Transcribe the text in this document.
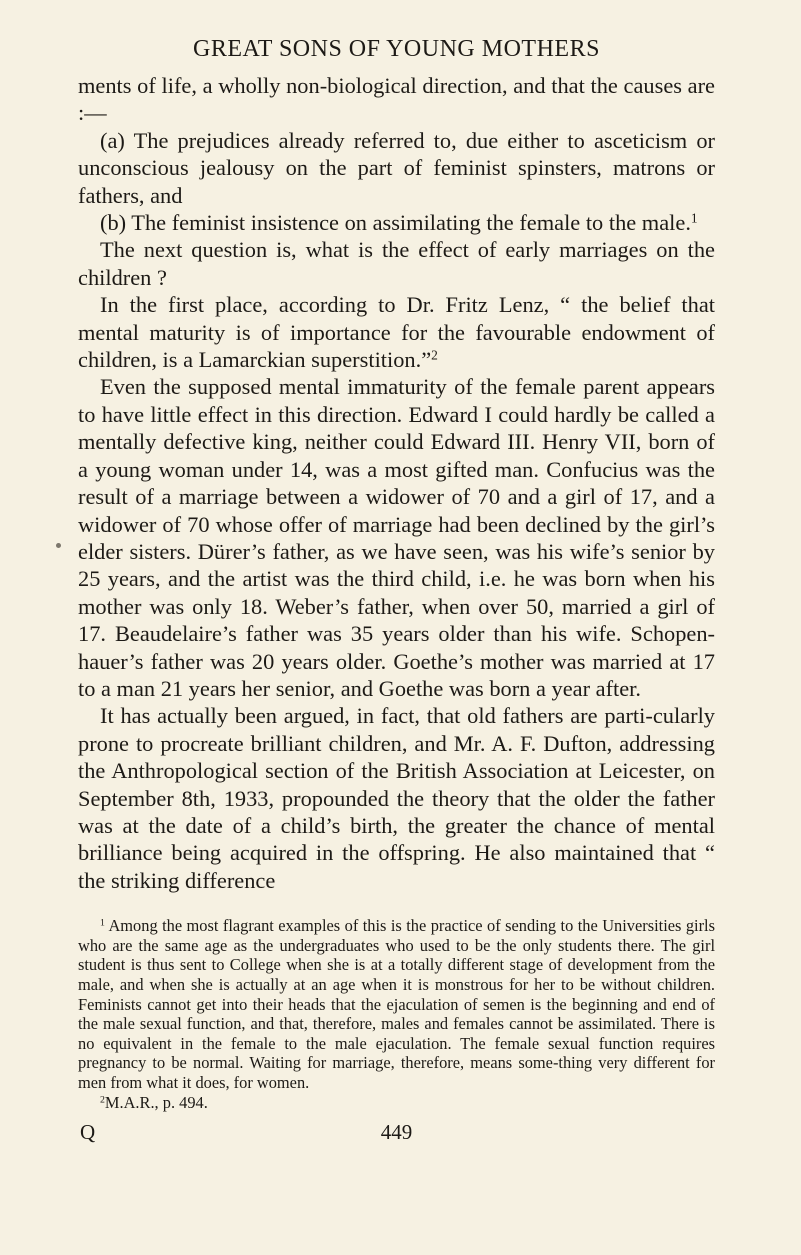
GREAT SONS OF YOUNG MOTHERS

ments of life, a wholly non-biological direction, and that the causes are :—

(a) The prejudices already referred to, due either to asceticism or unconscious jealousy on the part of feminist spinsters, matrons or fathers, and

(b) The feminist insistence on assimilating the female to the male.$^1$

The next question is, what is the effect of early marriages on the children ?

In the first place, according to Dr. Fritz Lenz, “ the belief that mental maturity is of importance for the favourable endowment of children, is a Lamarckian superstition.”$^2$

Even the supposed mental immaturity of the female parent appears to have little effect in this direction. Edward I could hardly be called a mentally defective king, neither could Edward III. Henry VII, born of a young woman under 14, was a most gifted man. Confucius was the result of a marriage between a widower of 70 and a girl of 17, and a widower of 70 whose offer of marriage had been declined by the girl’s elder sisters. Dürer’s father, as we have seen, was his wife’s senior by 25 years, and the artist was the third child, i.e. he was born when his mother was only 18. Weber’s father, when over 50, married a girl of 17. Beaudelaire’s father was 35 years older than his wife. Schopen-hauer’s father was 20 years older. Goethe’s mother was married at 17 to a man 21 years her senior, and Goethe was born a year after.

It has actually been argued, in fact, that old fathers are parti-cularly prone to procreate brilliant children, and Mr. A. F. Dufton, addressing the Anthropological section of the British Association at Leicester, on September 8th, 1933, propounded the theory that the older the father was at the date of a child’s birth, the greater the chance of mental brilliance being acquired in the offspring. He also maintained that “ the striking difference

$^1$ Among the most flagrant examples of this is the practice of sending to the Universities girls who are the same age as the undergraduates who used to be the only students there. The girl student is thus sent to College when she is at a totally different stage of development from the male, and when she is actually at an age when it is monstrous for her to be without children. Feminists cannot get into their heads that the ejaculation of semen is the beginning and end of the male sexual function, and that, therefore, males and females cannot be assimilated. There is no equivalent in the female to the male ejaculation. The female sexual function requires pregnancy to be normal. Waiting for marriage, therefore, means some-thing very different for men from what it does, for women.

$^2$M.A.R., p. 494.

Q	449
